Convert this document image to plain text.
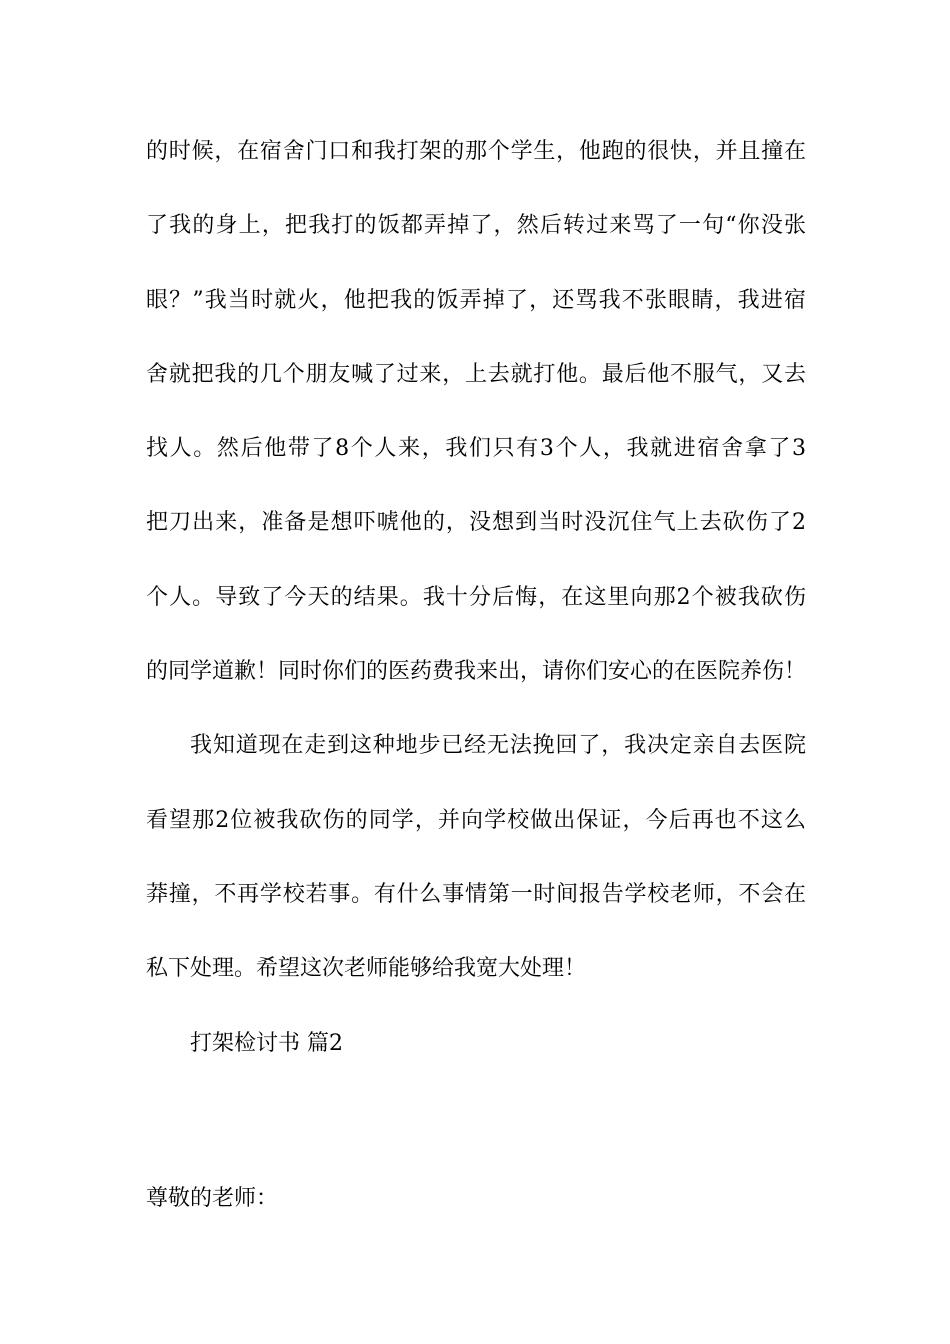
的时候，在宿舍门口和我打架的那个学生，他跑的很快，并且撞在
了我的身上，把我打的饭都弄掉了，然后转过来骂了一句“你没张
眼？”我当时就火，他把我的饭弄掉了，还骂我不张眼睛，我进宿
舍就把我的几个朋友喊了过来，上去就打他。最后他不服气，又去
找人。然后他带了8个人来，我们只有3个人，我就进宿舍拿了3
把刀出来，准备是想吓唬他的，没想到当时没沉住气上去砍伤了2
个人。导致了今天的结果。我十分后悔，在这里向那2个被我砍伤
的同学道歉！同时你们的医药费我来出，请你们安心的在医院养伤！
我知道现在走到这种地步已经无法挽回了，我决定亲自去医院
看望那2位被我砍伤的同学，并向学校做出保证，今后再也不这么
莽撞，不再学校若事。有什么事情第一时间报告学校老师，不会在
私下处理。希望这次老师能够给我宽大处理！
打架检讨书 篇2
尊敬的老师：
